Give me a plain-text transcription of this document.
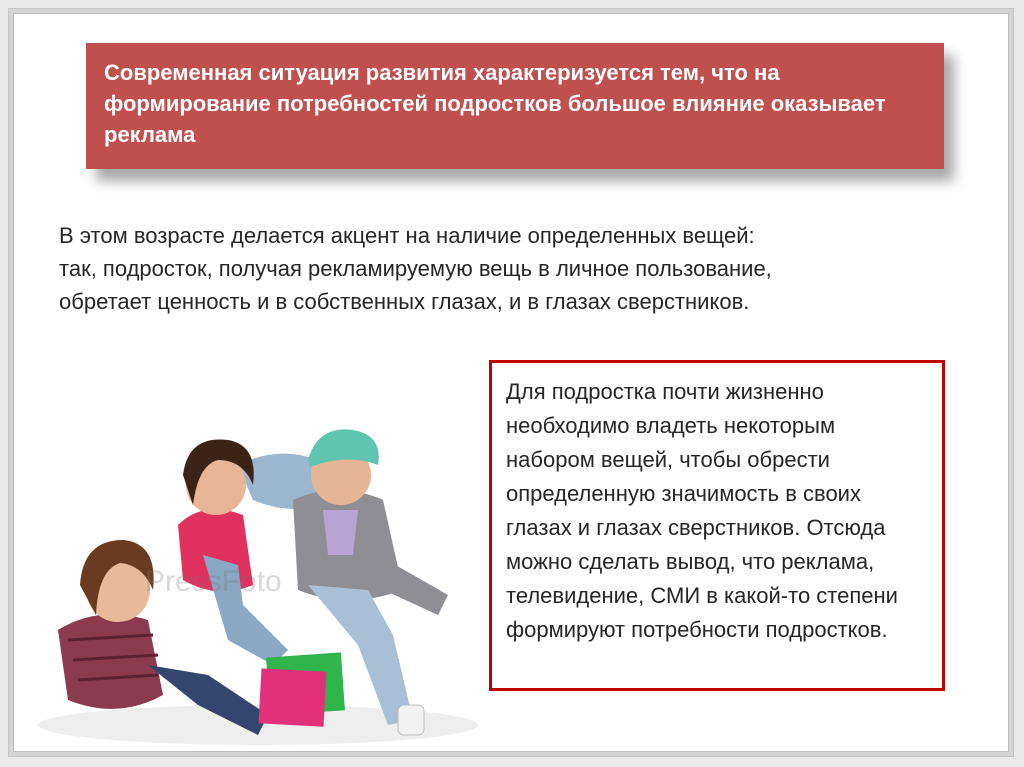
Современная ситуация развития характеризуется тем, что на формирование потребностей подростков большое влияние оказывает реклама

В этом возрасте делается акцент на наличие определенных вещей: так, подросток, получая рекламируемую вещь в личное пользование, обретает ценность и в собственных глазах, и в глазах сверстников.

PressFoto

Для подростка почти жизненно необходимо владеть некоторым набором вещей, чтобы обрести определенную значимость в своих глазах и глазах сверстников. Отсюда можно сделать вывод, что реклама, телевидение, СМИ в какой-то степени формируют потребности подростков.
